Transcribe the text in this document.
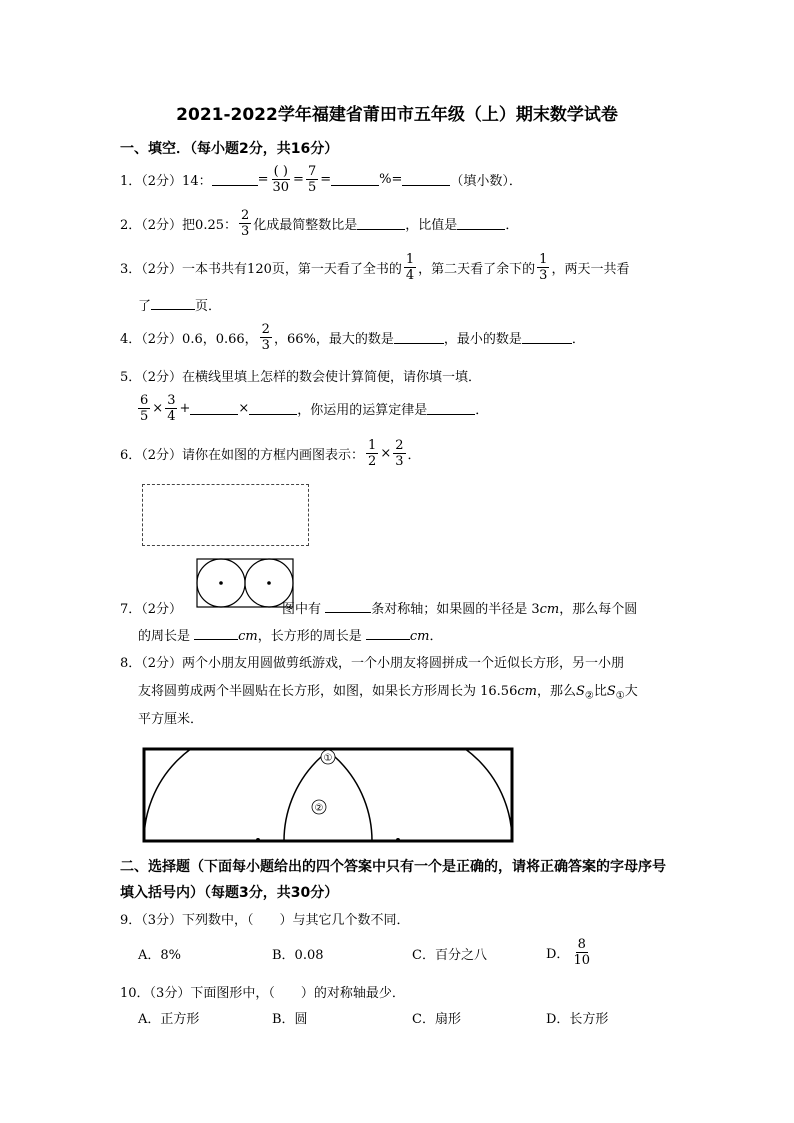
2021-2022学年福建省莆田市五年级（上）期末数学试卷
一、填空．（每小题2分，共16分）
1．（2分）14：	= $\frac{( )}{30} = \frac{7}{5}$ =	%=	（填小数）．
2．（2分）把0.25： $\frac{2}{3}$ 化成最简整数比是	，比值是	．
3．（2分）一本书共有120页，第一天看了全书的 $\frac{1}{4}$ ，第二天看了余下的 $\frac{1}{3}$ ，两天一共看
了	页．
4．（2分）0.6，0.66， $\frac{2}{3}$ ，66%，最大的数是	，最小的数是	．
5．（2分）在横线里填上怎样的数会使计算简便，请你填一填．
$\frac{6}{5} \times \frac{3}{4}$ +	×	，你运用的运算定律是	．
6．（2分）请你在如图的方框内画图表示： $\frac{1}{2} \times \frac{2}{3}$ ．
7．（2分）	图中有	条对称轴；如果圆的半径是 3cm，那么每个圆
的周长是	cm，长方形的周长是	cm．
8．（2分）两个小朋友用圆做剪纸游戏，一个小朋友将圆拼成一个近似长方形，另一小朋
友将圆剪成两个半圆贴在长方形，如图，如果长方形周长为 16.56cm，那么$S_②$比$S_①$大
平方厘米．
①
②
二、选择题（下面每小题给出的四个答案中只有一个是正确的，请将正确答案的字母序号
填入括号内）（每题3分，共30分）
9．（3分）下列数中，（　　）与其它几个数不同．
A．8%	B．0.08	C．百分之八	D． $\frac{8}{10}$
10．（3分）下面图形中，（　　）的对称轴最少．
A．正方形	B．圆	C．扇形	D．长方形
